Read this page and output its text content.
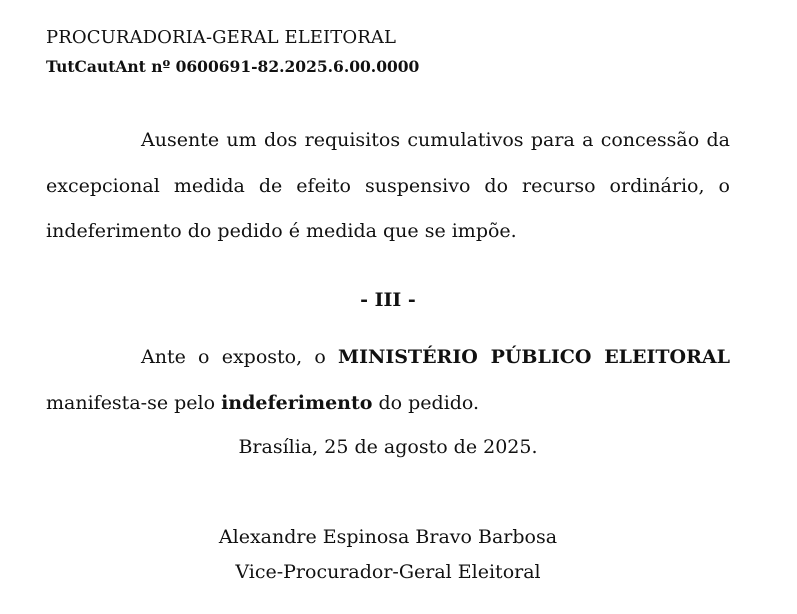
PROCURADORIA-GERAL ELEITORAL
TutCautAnt nº 0600691-82.2025.6.00.0000

Ausente um dos requisitos cumulativos para a concessão da excepcional medida de efeito suspensivo do recurso ordinário, o indeferimento do pedido é medida que se impõe.

- III -

Ante o exposto, o MINISTÉRIO PÚBLICO ELEITORAL manifesta-se pelo indeferimento do pedido.

Brasília, 25 de agosto de 2025.
Alexandre Espinosa Bravo Barbosa
Vice-Procurador-Geral Eleitoral
